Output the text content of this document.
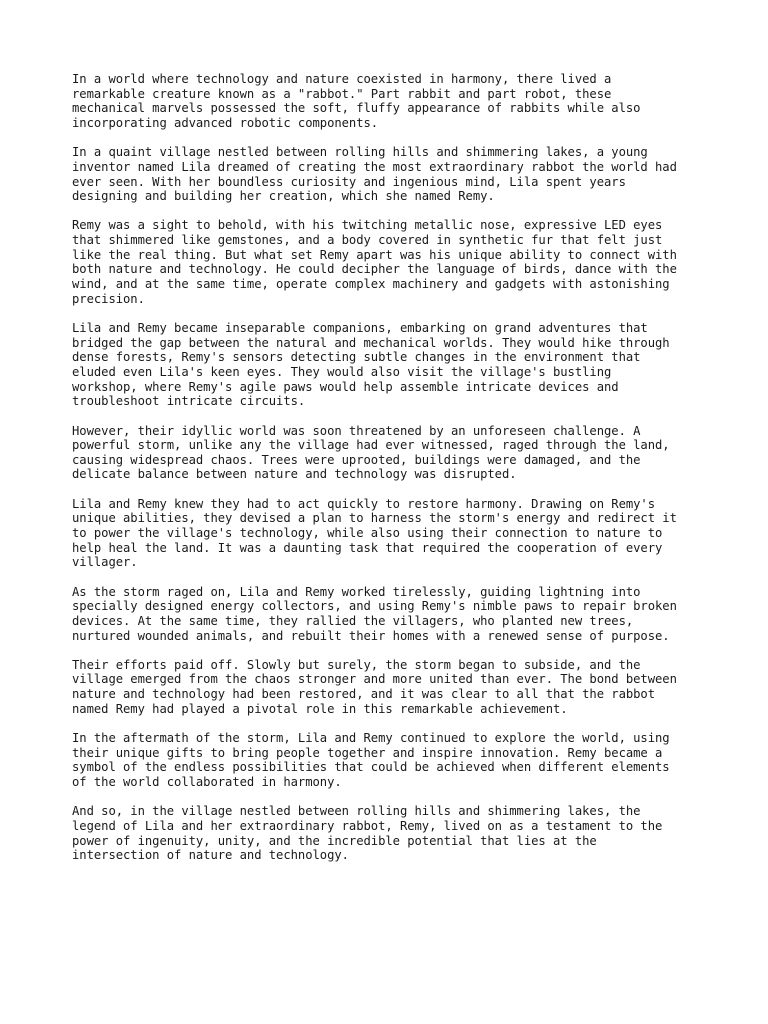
In a world where technology and nature coexisted in harmony, there lived a
remarkable creature known as a "rabbot." Part rabbit and part robot, these
mechanical marvels possessed the soft, fluffy appearance of rabbits while also
incorporating advanced robotic components.

In a quaint village nestled between rolling hills and shimmering lakes, a young
inventor named Lila dreamed of creating the most extraordinary rabbot the world had
ever seen. With her boundless curiosity and ingenious mind, Lila spent years
designing and building her creation, which she named Remy.

Remy was a sight to behold, with his twitching metallic nose, expressive LED eyes
that shimmered like gemstones, and a body covered in synthetic fur that felt just
like the real thing. But what set Remy apart was his unique ability to connect with
both nature and technology. He could decipher the language of birds, dance with the
wind, and at the same time, operate complex machinery and gadgets with astonishing
precision.

Lila and Remy became inseparable companions, embarking on grand adventures that
bridged the gap between the natural and mechanical worlds. They would hike through
dense forests, Remy's sensors detecting subtle changes in the environment that
eluded even Lila's keen eyes. They would also visit the village's bustling
workshop, where Remy's agile paws would help assemble intricate devices and
troubleshoot intricate circuits.

However, their idyllic world was soon threatened by an unforeseen challenge. A
powerful storm, unlike any the village had ever witnessed, raged through the land,
causing widespread chaos. Trees were uprooted, buildings were damaged, and the
delicate balance between nature and technology was disrupted.

Lila and Remy knew they had to act quickly to restore harmony. Drawing on Remy's
unique abilities, they devised a plan to harness the storm's energy and redirect it
to power the village's technology, while also using their connection to nature to
help heal the land. It was a daunting task that required the cooperation of every
villager.

As the storm raged on, Lila and Remy worked tirelessly, guiding lightning into
specially designed energy collectors, and using Remy's nimble paws to repair broken
devices. At the same time, they rallied the villagers, who planted new trees,
nurtured wounded animals, and rebuilt their homes with a renewed sense of purpose.

Their efforts paid off. Slowly but surely, the storm began to subside, and the
village emerged from the chaos stronger and more united than ever. The bond between
nature and technology had been restored, and it was clear to all that the rabbot
named Remy had played a pivotal role in this remarkable achievement.

In the aftermath of the storm, Lila and Remy continued to explore the world, using
their unique gifts to bring people together and inspire innovation. Remy became a
symbol of the endless possibilities that could be achieved when different elements
of the world collaborated in harmony.

And so, in the village nestled between rolling hills and shimmering lakes, the
legend of Lila and her extraordinary rabbot, Remy, lived on as a testament to the
power of ingenuity, unity, and the incredible potential that lies at the
intersection of nature and technology.
